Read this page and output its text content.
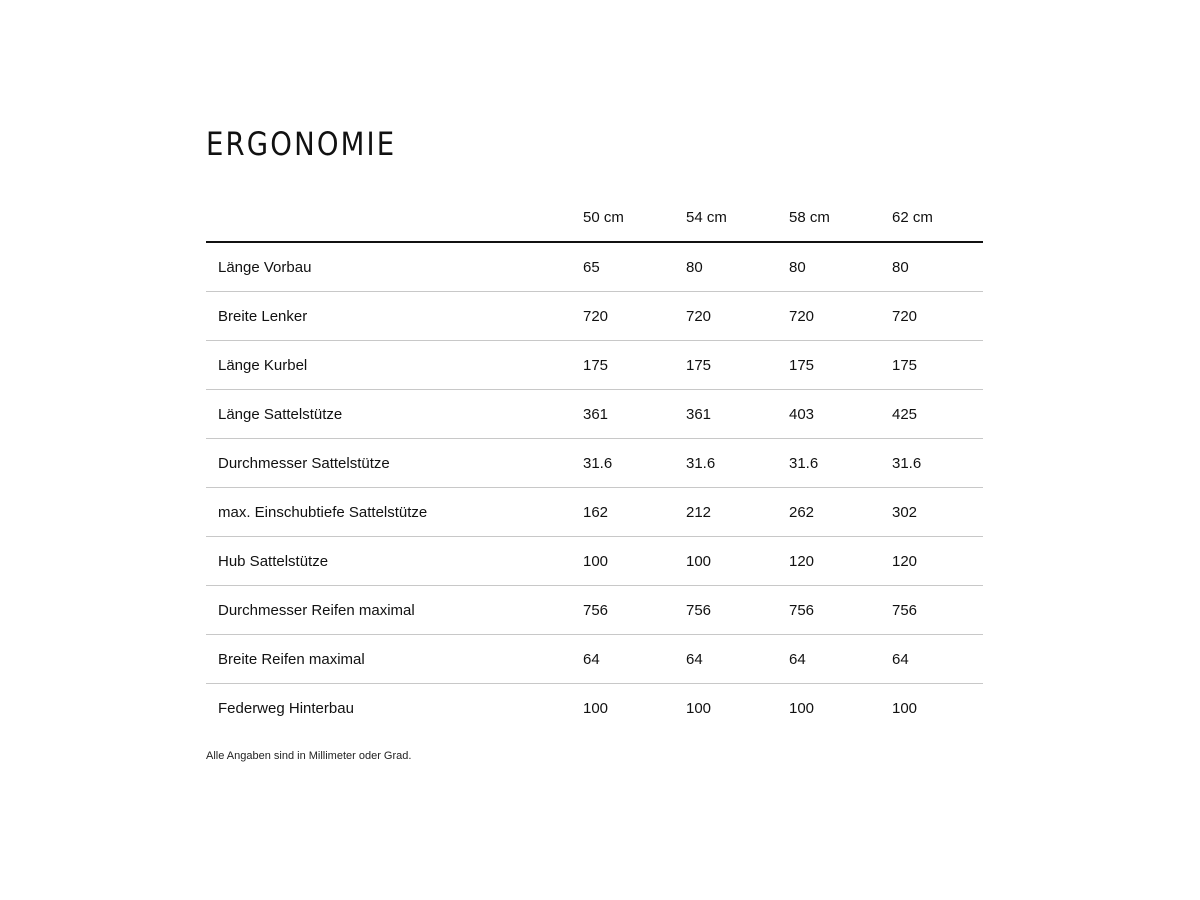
ERGONOMIE
	50 cm	54 cm	58 cm	62 cm
Länge Vorbau	65	80	80	80
Breite Lenker	720	720	720	720
Länge Kurbel	175	175	175	175
Länge Sattelstütze	361	361	403	425
Durchmesser Sattelstütze	31.6	31.6	31.6	31.6
max. Einschubtiefe Sattelstütze	162	212	262	302
Hub Sattelstütze	100	100	120	120
Durchmesser Reifen maximal	756	756	756	756
Breite Reifen maximal	64	64	64	64
Federweg Hinterbau	100	100	100	100

Alle Angaben sind in Millimeter oder Grad.
